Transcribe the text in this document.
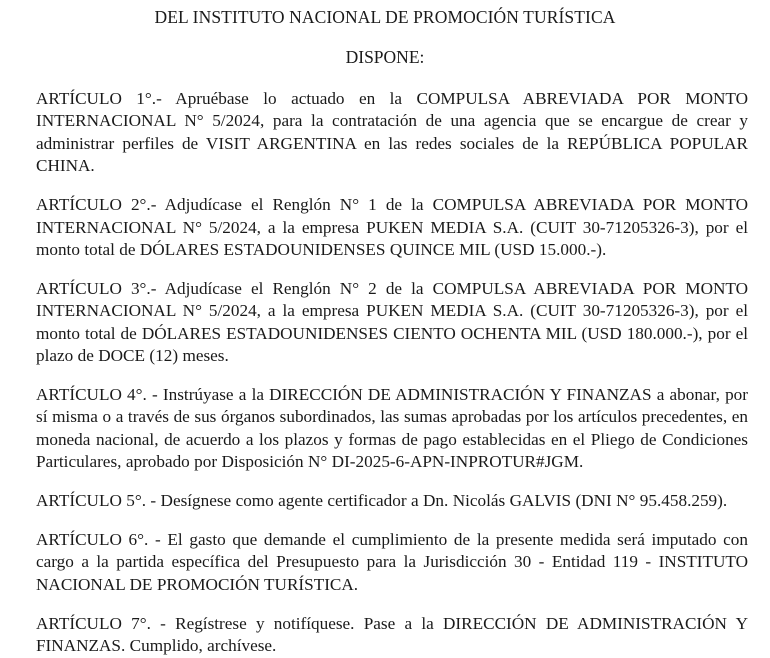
DEL INSTITUTO NACIONAL DE PROMOCIÓN TURÍSTICA
DISPONE:

ARTÍCULO 1°.- Apruébase lo actuado en la COMPULSA ABREVIADA POR MONTO INTERNACIONAL N° 5/2024, para la contratación de una agencia que se encargue de crear y administrar perfiles de VISIT ARGENTINA en las redes sociales de la REPÚBLICA POPULAR CHINA.

ARTÍCULO 2°.- Adjudícase el Renglón N° 1 de la COMPULSA ABREVIADA POR MONTO INTERNACIONAL N° 5/2024, a la empresa PUKEN MEDIA S.A. (CUIT 30-71205326-3), por el monto total de DÓLARES ESTADOUNIDENSES QUINCE MIL (USD 15.000.-).

ARTÍCULO 3°.- Adjudícase el Renglón N° 2 de la COMPULSA ABREVIADA POR MONTO INTERNACIONAL N° 5/2024, a la empresa PUKEN MEDIA S.A. (CUIT 30-71205326-3), por el monto total de DÓLARES ESTADOUNIDENSES CIENTO OCHENTA MIL (USD 180.000.-), por el plazo de DOCE (12) meses.

ARTÍCULO 4°. - Instrúyase a la DIRECCIÓN DE ADMINISTRACIÓN Y FINANZAS a abonar, por sí misma o a través de sus órganos subordinados, las sumas aprobadas por los artículos precedentes, en moneda nacional, de acuerdo a los plazos y formas de pago establecidas en el Pliego de Condiciones Particulares, aprobado por Disposición N° DI-2025-6-APN-INPROTUR#JGM.

ARTÍCULO 5°. - Desígnese como agente certificador a Dn. Nicolás GALVIS (DNI N° 95.458.259).

ARTÍCULO 6°. - El gasto que demande el cumplimiento de la presente medida será imputado con cargo a la partida específica del Presupuesto para la Jurisdicción 30 - Entidad 119 - INSTITUTO NACIONAL DE PROMOCIÓN TURÍSTICA.

ARTÍCULO 7°. - Regístrese y notifíquese. Pase a la DIRECCIÓN DE ADMINISTRACIÓN Y FINANZAS. Cumplido, archívese.
